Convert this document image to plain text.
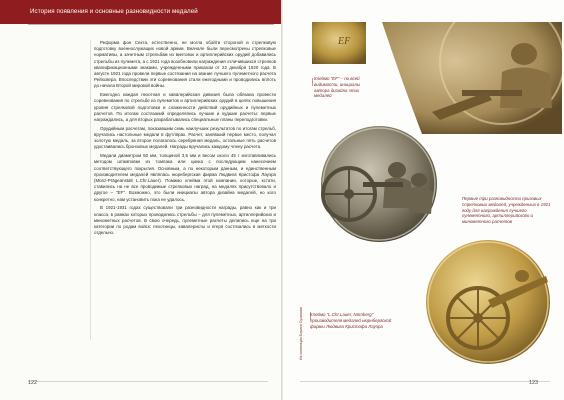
История появления и основные разновидности медалей

Реформа фон Секта, естественно, не могла обойти стороной и стрелковую подготовку военнослужащих новой армии. Вначале были пересмотрены стрелковые нормативы, а зачетным стрельбам из винтовок и артиллерийских орудий добавились стрельбы из пулемета, а с 1921 года возобновили награждения отличившихся стрелков квалификационными знаками, учрежденными приказом от 22 декабря 1920 года. В августе 1921 года провели первые состязания на звание лучшего пулеметного расчета Рейхсвера. Впоследствии эти соревнования стали ежегодными и проводились вплоть до начала Второй мировой войны.

Ежегодно каждая пехотная и кавалерийская дивизия была обязана провести соревнования по стрельбе из пулеметов и артиллерийских орудий в целях повышения уровня стрелковой подготовки и слаженности действий орудийных и пулеметных расчетов. По итогам состязаний определялись лучшие и худшие расчеты: первые награждались, а для вторых разрабатывались специальные планы переподготовки.

Орудийным расчетам, показавшим семь наилучших результатов по итогам стрельб, вручались настольные медали в футлярах. Расчет, занявший первое место, получал золотую медаль, за второе полагалось серебряная медаль, остальные пять расчетов удостаивались бронзовых медалей. Награды вручались каждому члену расчета.

Медали диаметром 50 мм, толщиной 3,5 мм и весом около 45 г изготавливались методом штамповки из томпака или цинка с последующим нанесением соответствующего покрытия. Основным, а по некоторым данным, и единственным производителем медалей являлась нюрнбергская фирма Людвига Кристофа Лауэра (Münz-Prägeanstalt L.Chr.Lauer). Помимо клейма этой компании, которые, кстати, ставились на не все проводимые стрелковых наград, на медалях присутствовало и другое – "EF". Возможно, это были инициалы автора дизайна медалей, но кого конкретно, нам установить пока не удалось.

В 1921-1931 годах существовали три разновидности награды, равно как и три класса, в рамках которых проводились стрельбы – для пулеметных, артиллерийских и минометных расчетов. В свою очередь, пулеметные расчеты делились еще на три категории по родам войск: пехотинцы, кавалеристы и егеря состязались в меткости отдельно.

122
EF
Клеймо "EF" – по всей видимости, инициалы автора дизайна этих медалей
Первые три разновидности призовых стрелковых медалей, учрежденных в 1921 году для награждения лучшего пулеметного, артиллерийского и минометного расчетов
Клеймо "L.Chr.Lauer, Nürnberg" производителя медалей нюрнбергской фирмы Людвига Кристофа Лауэра
Из коллекции Бориса Суханова
123
